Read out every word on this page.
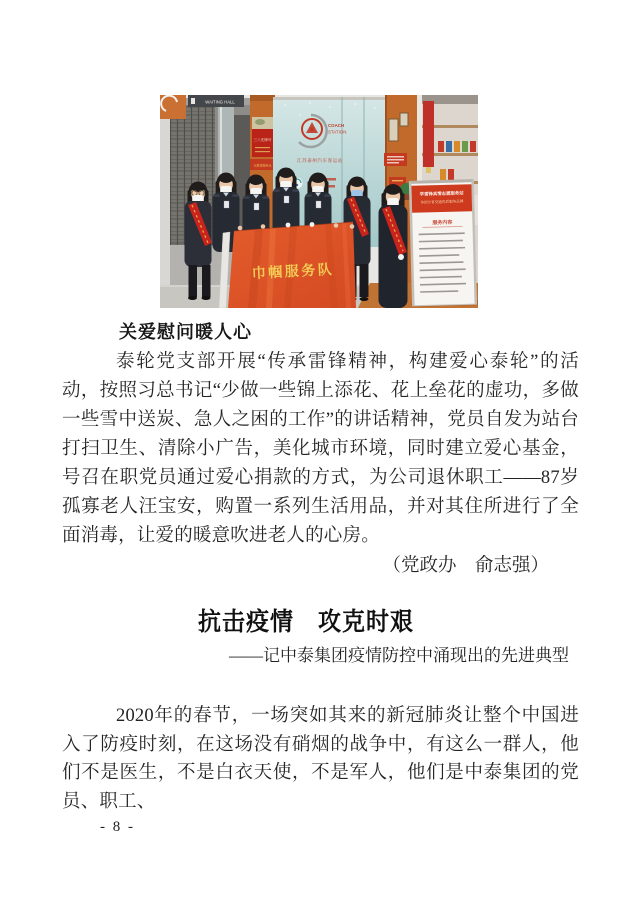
WAITING HALL
三八先锋号
志愿者服务点
COACH
STATION
江苏泰州汽车客运站
学雷锋真情志愿服务站
争创全省交通优质服务品牌
服务内容
巾帼服务队
关爱慰问暖人心

泰轮党支部开展“传承雷锋精神，构建爱心泰轮”的活动，按照习总书记“少做一些锦上添花、花上垒花的虚功，多做一些雪中送炭、急人之困的工作”的讲话精神，党员自发为站台打扫卫生、清除小广告，美化城市环境，同时建立爱心基金，号召在职党员通过爱心捐款的方式，为公司退休职工——87岁孤寡老人汪宝安，购置一系列生活用品，并对其住所进行了全面消毒，让爱的暖意吹进老人的心房。

（党政办　俞志强）

抗击疫情　攻克时艰

——记中泰集团疫情防控中涌现出的先进典型

2020年的春节，一场突如其来的新冠肺炎让整个中国进入了防疫时刻，在这场没有硝烟的战争中，有这么一群人，他们不是医生，不是白衣天使，不是军人，他们是中泰集团的党员、职工、

- 8 -
